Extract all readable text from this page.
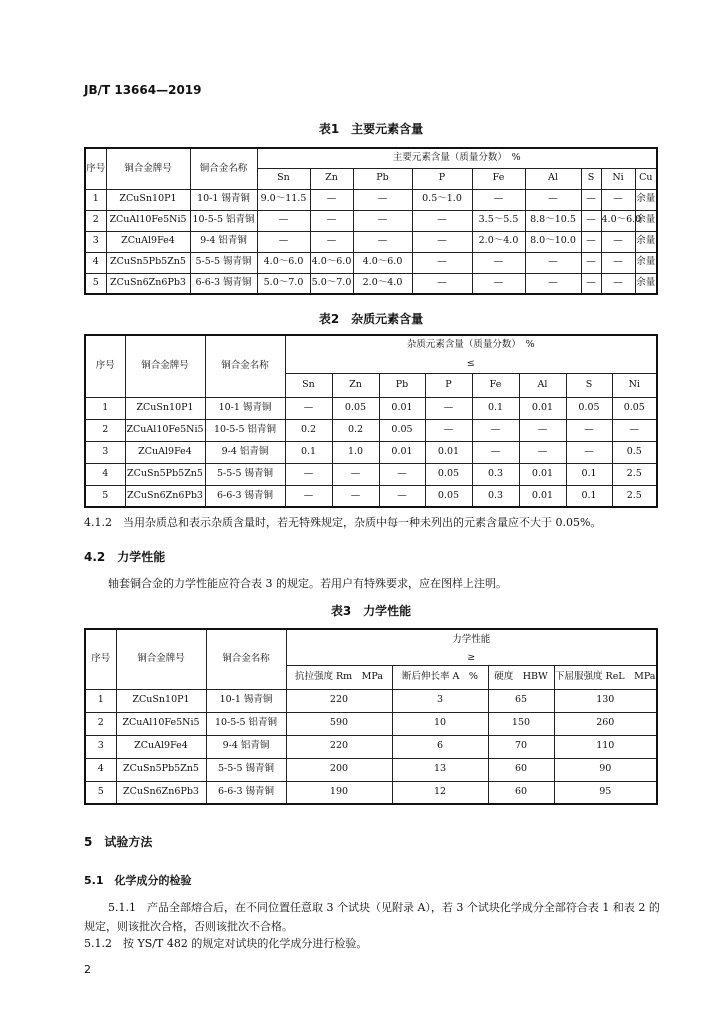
JB/T 13664—2019
表1　主要元素含量
序号	铜合金牌号	铜合金名称	主要元素含量（质量分数）　%								
			Sn	Zn	Pb	P	Fe	Al	S	Ni	Cu
1	ZCuSn10P1	10-1 锡青铜	9.0～11.5	—	—	0.5～1.0	—	—	—	—	余量
2	ZCuAl10Fe5Ni5	10-5-5 铝青铜	—	—	—	—	3.5～5.5	8.8～10.5	—	4.0～6.0	余量
3	ZCuAl9Fe4	9-4 铝青铜	—	—	—	—	2.0～4.0	8.0～10.0	—	—	余量
4	ZCuSn5Pb5Zn5	5-5-5 锡青铜	4.0～6.0	4.0～6.0	4.0～6.0	—	—	—	—	—	余量
5	ZCuSn6Zn6Pb3	6-6-3 锡青铜	5.0～7.0	5.0～7.0	2.0～4.0	—	—	—	—	—	余量
表2　杂质元素含量
序号	铜合金牌号	铜合金名称	杂质元素含量（质量分数）　%							
			≤							
			Sn	Zn	Pb	P	Fe	Al	S	Ni
1	ZCuSn10P1	10-1 锡青铜	—	0.05	0.01	—	0.1	0.01	0.05	0.05
2	ZCuAl10Fe5Ni5	10-5-5 铝青铜	0.2	0.2	0.05	—	—	—	—	—
3	ZCuAl9Fe4	9-4 铝青铜	0.1	1.0	0.01	0.01	—	—	—	0.5
4	ZCuSn5Pb5Zn5	5-5-5 锡青铜	—	—	—	0.05	0.3	0.01	0.1	2.5
5	ZCuSn6Zn6Pb3	6-6-3 锡青铜	—	—	—	0.05	0.3	0.01	0.1	2.5
4.1.2　当用杂质总和表示杂质含量时，若无特殊规定，杂质中每一种未列出的元素含量应不大于 0.05%。
4.2　力学性能
轴套铜合金的力学性能应符合表 3 的规定。若用户有特殊要求，应在图样上注明。
表3　力学性能
序号	铜合金牌号	铜合金名称	力学性能			
			≥			
			抗拉强度 Rm　MPa	断后伸长率 A　%	硬度　HBW	下屈服强度 ReL　MPa
1	ZCuSn10P1	10-1 锡青铜	220	3	65	130
2	ZCuAl10Fe5Ni5	10-5-5 铝青铜	590	10	150	260
3	ZCuAl9Fe4	9-4 铝青铜	220	6	70	110
4	ZCuSn5Pb5Zn5	5-5-5 锡青铜	200	13	60	90
5	ZCuSn6Zn6Pb3	6-6-3 锡青铜	190	12	60	95
5　试验方法
5.1　化学成分的检验
5.1.1　产品全部熔合后，在不同位置任意取 3 个试块（见附录 A），若 3 个试块化学成分全部符合表 1 和表 2 的规定，则该批次合格，否则该批次不合格。
5.1.2　按 YS/T 482 的规定对试块的化学成分进行检验。
2
